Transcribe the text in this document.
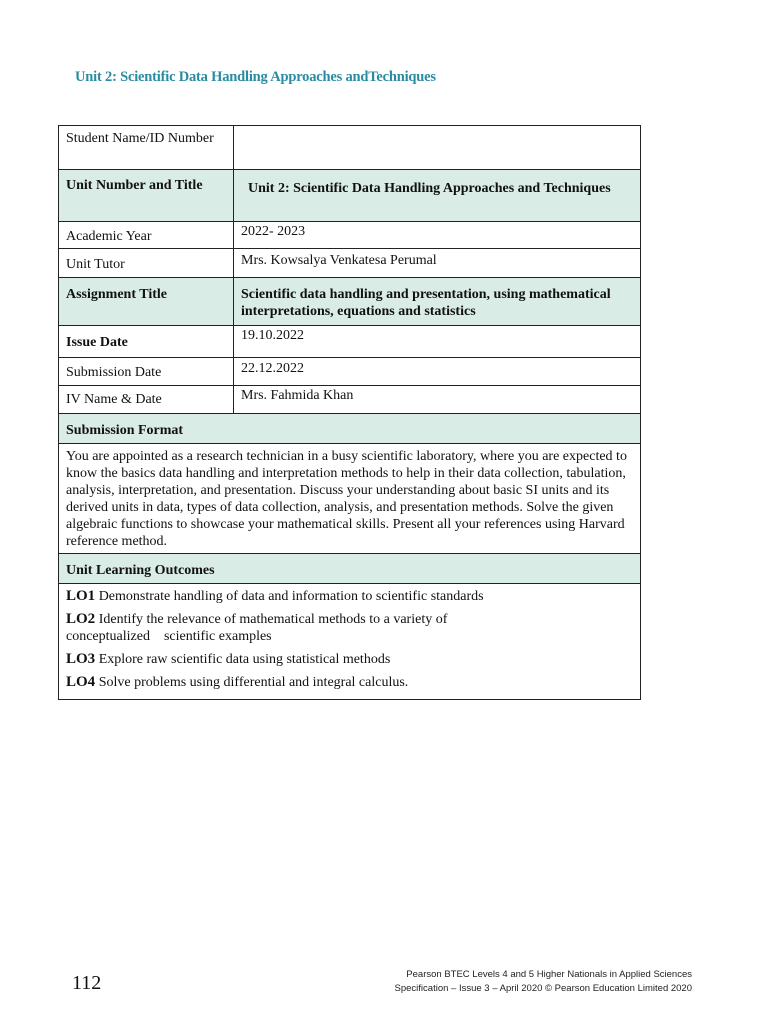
Unit 2: Scientific Data Handling Approaches andTechniques
Student Name/ID Number	
Unit Number and Title	Unit 2: Scientific Data Handling Approaches and Techniques
Academic Year	2022- 2023
Unit Tutor	Mrs. Kowsalya Venkatesa Perumal
Assignment Title	Scientific data handling and presentation, using mathematical interpretations, equations and statistics
Issue Date	19.10.2022
Submission Date	22.12.2022
IV Name & Date	Mrs. Fahmida Khan
Submission Format	
You are appointed as a research technician in a busy scientific laboratory, where you are expected to know the basics data handling and interpretation methods to help in their data collection, tabulation, analysis, interpretation, and presentation. Discuss your understanding about basic SI units and its derived units in data, types of data collection, analysis, and presentation methods. Solve the given algebraic functions to showcase your mathematical skills. Present all your references using Harvard reference method.	
Unit Learning Outcomes	

LO1 Demonstrate handling of data and information to scientific standards
LO2 Identify the relevance of mathematical methods to a variety of
conceptualized    scientific examples
LO3 Explore raw scientific data using statistical methods
LO4 Solve problems using differential and integral calculus.	
112	Pearson BTEC Levels 4 and 5 Higher Nationals in Applied Sciences
Specification – Issue 3 – April 2020 © Pearson Education Limited 2020
